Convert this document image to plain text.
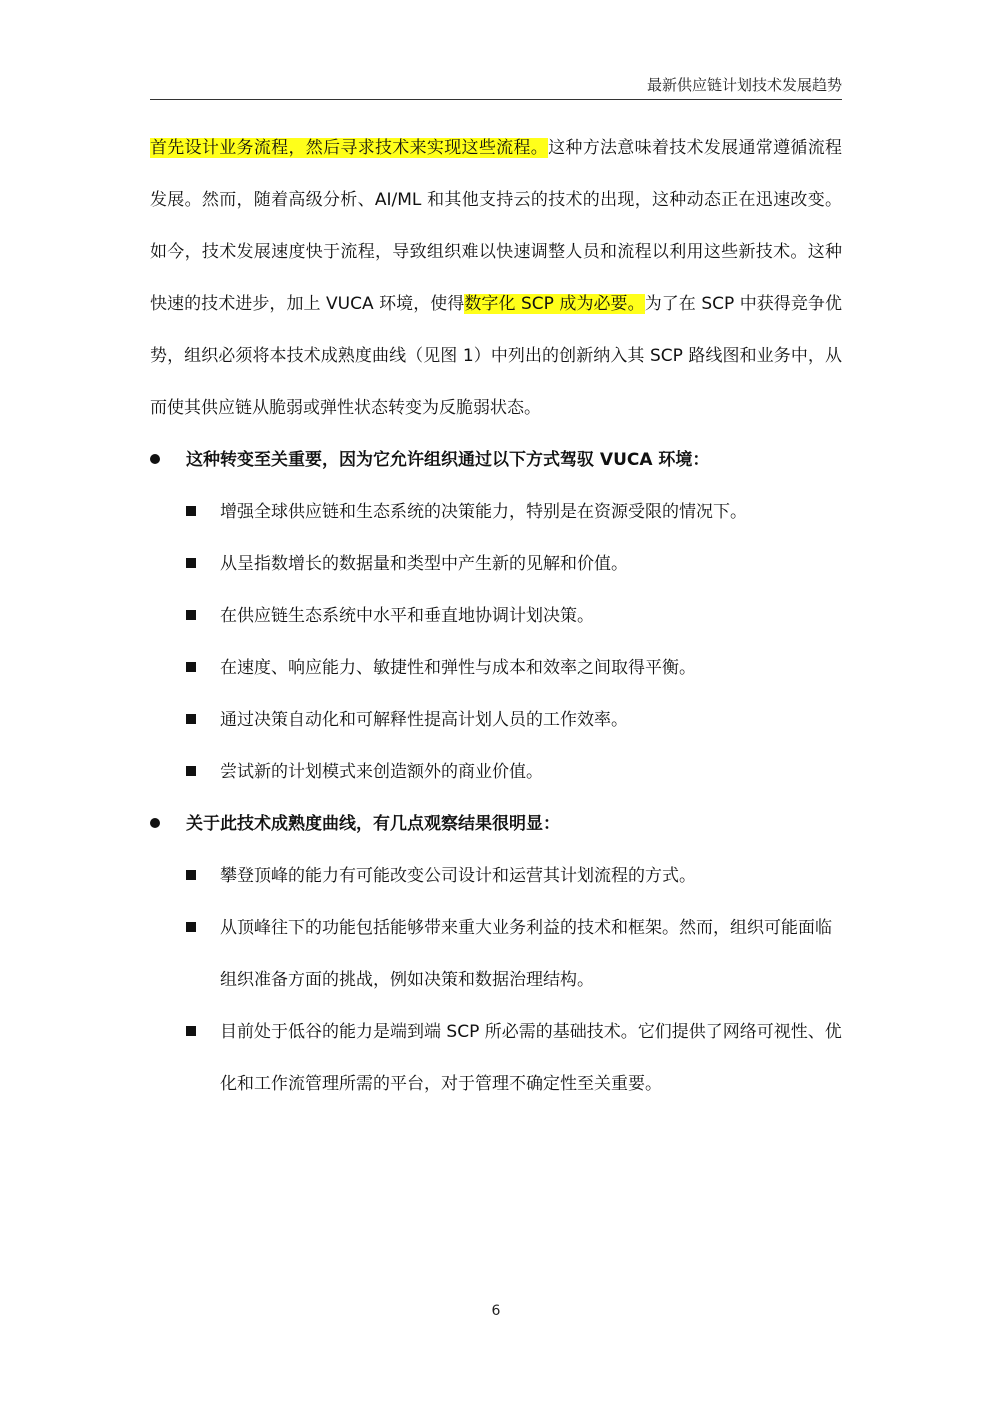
最新供应链计划技术发展趋势

首先设计业务流程，然后寻求技术来实现这些流程。这种方法意味着技术发展通常遵循流程发展。然而，随着高级分析、AI/ML 和其他支持云的技术的出现，这种动态正在迅速改变。如今，技术发展速度快于流程，导致组织难以快速调整人员和流程以利用这些新技术。这种快速的技术进步，加上 VUCA 环境，使得数字化 SCP 成为必要。为了在 SCP 中获得竞争优势，组织必须将本技术成熟度曲线（见图 1）中列出的创新纳入其 SCP 路线图和业务中，从而使其供应链从脆弱或弹性状态转变为反脆弱状态。

这种转变至关重要，因为它允许组织通过以下方式驾驭 VUCA 环境：
增强全球供应链和生态系统的决策能力，特别是在资源受限的情况下。
从呈指数增长的数据量和类型中产生新的见解和价值。
在供应链生态系统中水平和垂直地协调计划决策。
在速度、响应能力、敏捷性和弹性与成本和效率之间取得平衡。
通过决策自动化和可解释性提高计划人员的工作效率。
尝试新的计划模式来创造额外的商业价值。
关于此技术成熟度曲线，有几点观察结果很明显：
攀登顶峰的能力有可能改变公司设计和运营其计划流程的方式。
从顶峰往下的功能包括能够带来重大业务利益的技术和框架。然而，组织可能面临组织准备方面的挑战，例如决策和数据治理结构。
目前处于低谷的能力是端到端 SCP 所必需的基础技术。它们提供了网络可视性、优化和工作流管理所需的平台，对于管理不确定性至关重要。
6
